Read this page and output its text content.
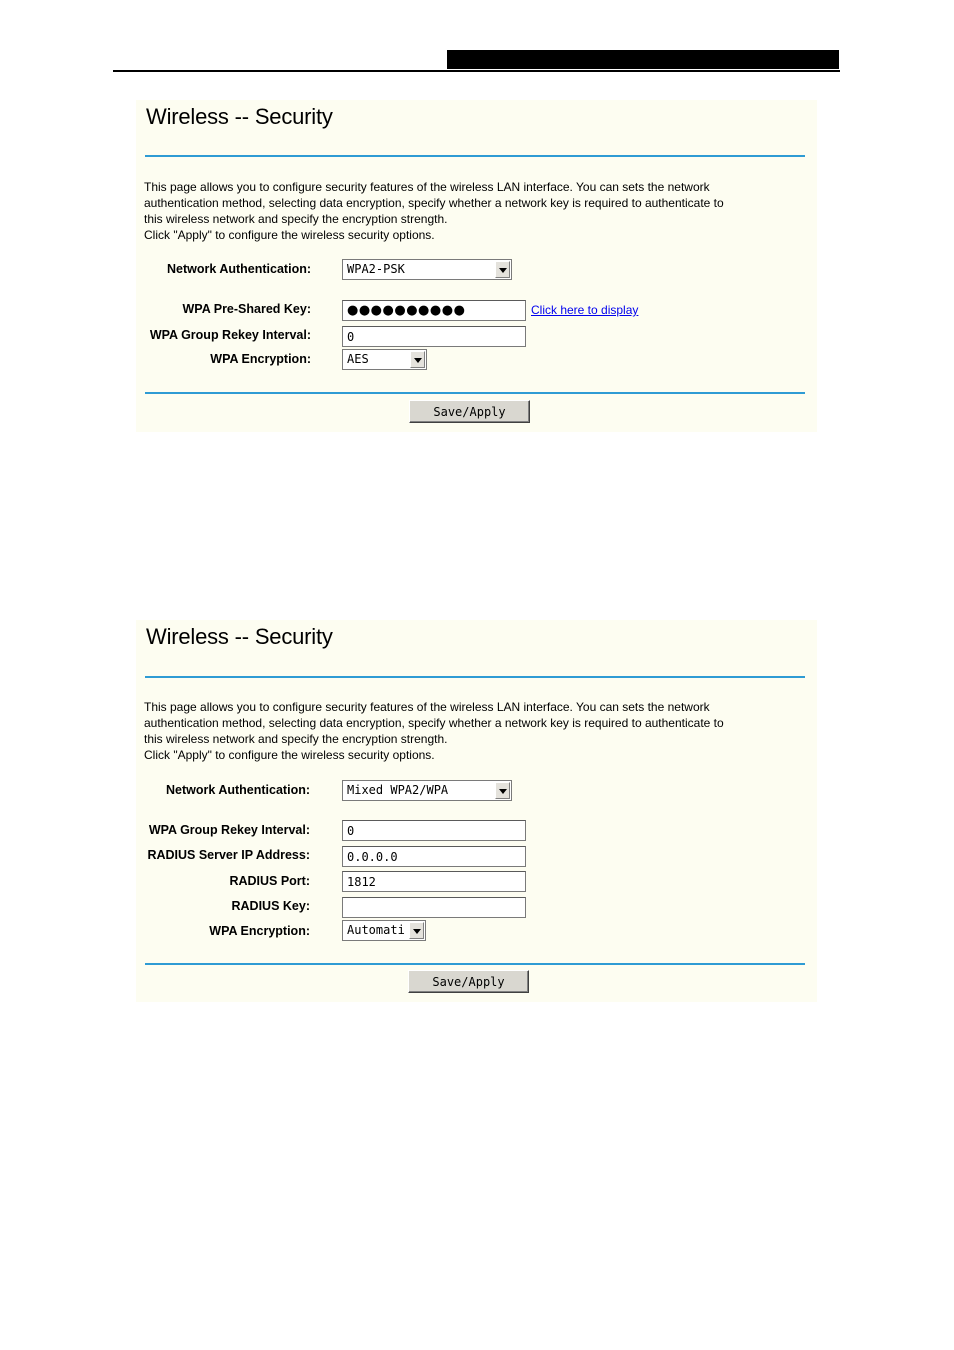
Wireless -- Security
This page allows you to configure security features of the wireless LAN interface. You can sets the network
authentication method, selecting data encryption, specify whether a network key is required to authenticate to
this wireless network and specify the encryption strength.
Click "Apply" to configure the wireless security options.
Network Authentication:	WPA2-PSK
WPA Pre-Shared Key:
●●●●●●●●●●	Click here to display
WPA Group Rekey Interval:
0
WPA Encryption:	AES
Save/Apply
Wireless -- Security
This page allows you to configure security features of the wireless LAN interface. You can sets the network
authentication method, selecting data encryption, specify whether a network key is required to authenticate to
this wireless network and specify the encryption strength.
Click "Apply" to configure the wireless security options.
Network Authentication:	Mixed WPA2/WPA
WPA Group Rekey Interval:
0
RADIUS Server IP Address:
0.0.0.0
RADIUS Port:
1812
RADIUS Key:
WPA Encryption:	Automati
Save/Apply
